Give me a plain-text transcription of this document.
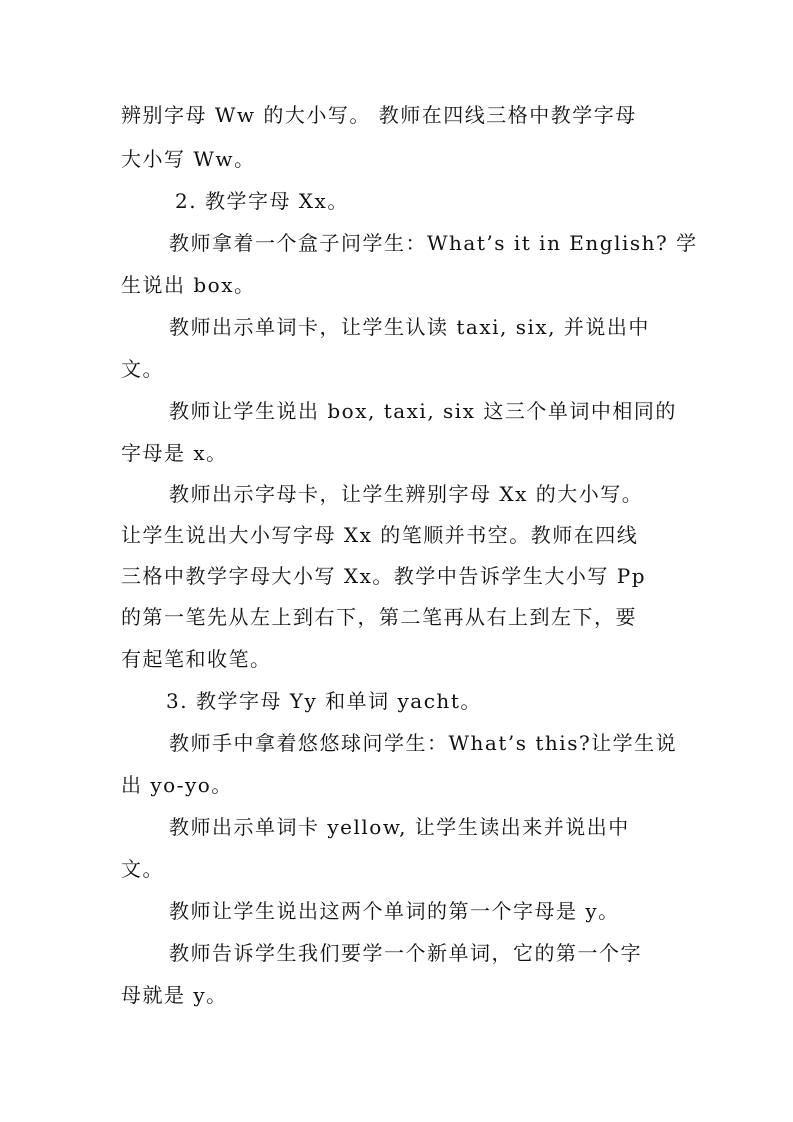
辨别字母 Ww 的大小写。 教师在四线三格中教学字母
大小写 Ww。
2. 教学字母 Xx。
教师拿着一个盒子问学生：What’s it in English? 学
生说出 box。
教师出示单词卡，让学生认读 taxi, six, 并说出中
文。
教师让学生说出 box, taxi, six 这三个单词中相同的
字母是 x。
教师出示字母卡，让学生辨别字母 Xx 的大小写。
让学生说出大小写字母 Xx 的笔顺并书空。教师在四线
三格中教学字母大小写 Xx。教学中告诉学生大小写 Pp
的第一笔先从左上到右下，第二笔再从右上到左下，要
有起笔和收笔。
3. 教学字母 Yy 和单词 yacht。
教师手中拿着悠悠球问学生：What’s this?让学生说
出 yo-yo。
教师出示单词卡 yellow, 让学生读出来并说出中
文。
教师让学生说出这两个单词的第一个字母是 y。
教师告诉学生我们要学一个新单词，它的第一个字
母就是 y。
